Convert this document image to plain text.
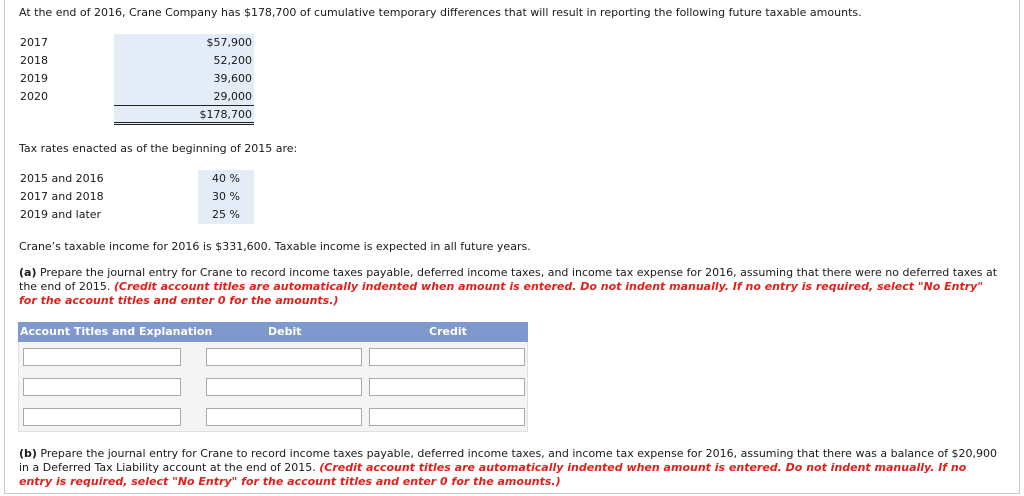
At the end of 2016, Crane Company has $178,700 of cumulative temporary differences that will result in reporting the following future taxable amounts.
2017	$57,900
2018	52,200
2019	39,600
2020	29,000
$178,700
Tax rates enacted as of the beginning of 2015 are:
2015 and 2016	40 %
2017 and 2018	30 %
2019 and later	25 %
Crane’s taxable income for 2016 is $331,600. Taxable income is expected in all future years.
(a) Prepare the journal entry for Crane to record income taxes payable, deferred income taxes, and income tax expense for 2016, assuming that there were no deferred taxes at the end of 2015. (Credit account titles are automatically indented when amount is entered. Do not indent manually. If no entry is required, select "No Entry" for the account titles and enter 0 for the amounts.)
Account Titles and Explanation	Debit	Credit
(b) Prepare the journal entry for Crane to record income taxes payable, deferred income taxes, and income tax expense for 2016, assuming that there was a balance of $20,900 in a Deferred Tax Liability account at the end of 2015. (Credit account titles are automatically indented when amount is entered. Do not indent manually. If no entry is required, select "No Entry" for the account titles and enter 0 for the amounts.)
